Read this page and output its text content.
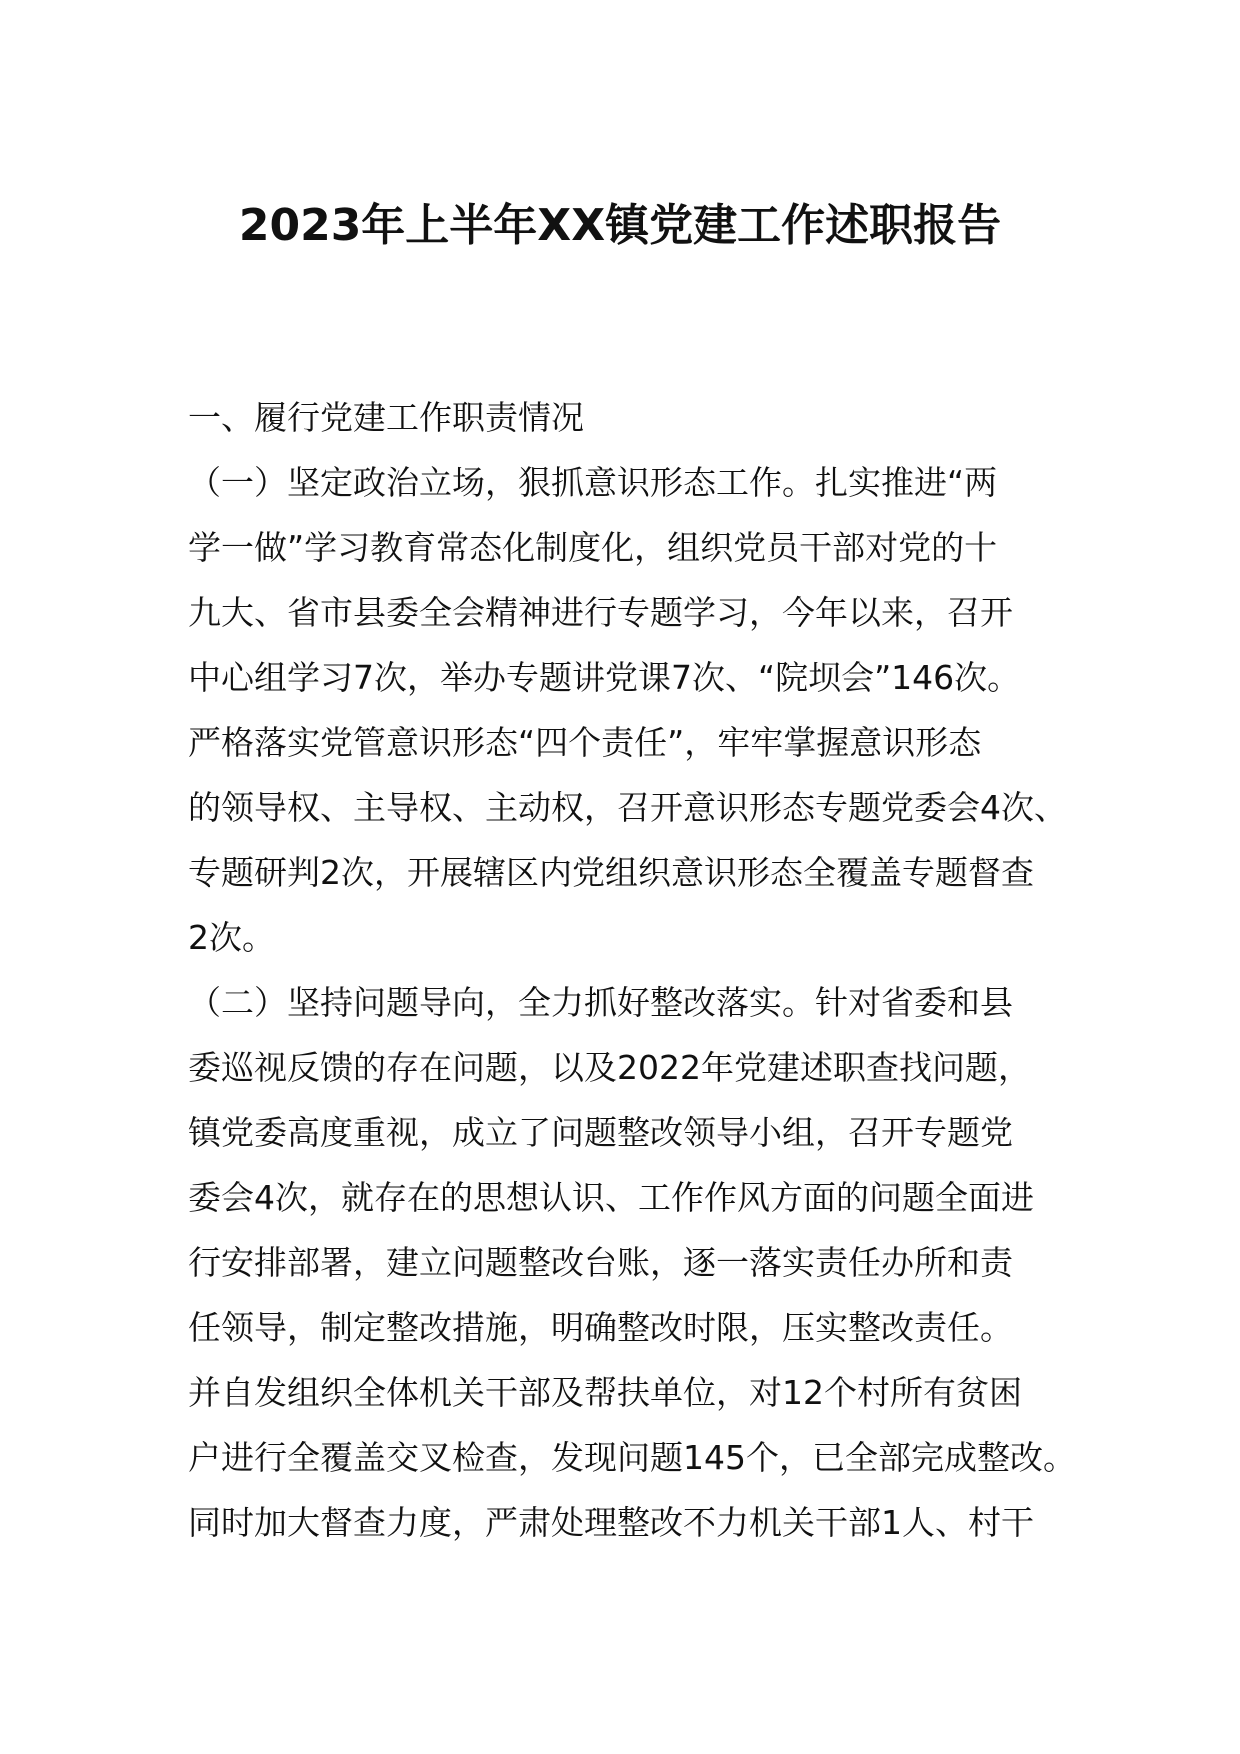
2023年上半年XX镇党建工作述职报告
一、履行党建工作职责情况
（一）坚定政治立场，狠抓意识形态工作。扎实推进“两
学一做”学习教育常态化制度化，组织党员干部对党的十
九大、省市县委全会精神进行专题学习，今年以来，召开
中心组学习7次，举办专题讲党课7次、“院坝会”146次。
严格落实党管意识形态“四个责任”，牢牢掌握意识形态
的领导权、主导权、主动权，召开意识形态专题党委会4次、
专题研判2次，开展辖区内党组织意识形态全覆盖专题督查
2次。
（二）坚持问题导向，全力抓好整改落实。针对省委和县
委巡视反馈的存在问题，以及2022年党建述职查找问题，
镇党委高度重视，成立了问题整改领导小组，召开专题党
委会4次，就存在的思想认识、工作作风方面的问题全面进
行安排部署，建立问题整改台账，逐一落实责任办所和责
任领导，制定整改措施，明确整改时限，压实整改责任。
并自发组织全体机关干部及帮扶单位，对12个村所有贫困
户进行全覆盖交叉检查，发现问题145个，已全部完成整改。
同时加大督查力度，严肃处理整改不力机关干部1人、村干
